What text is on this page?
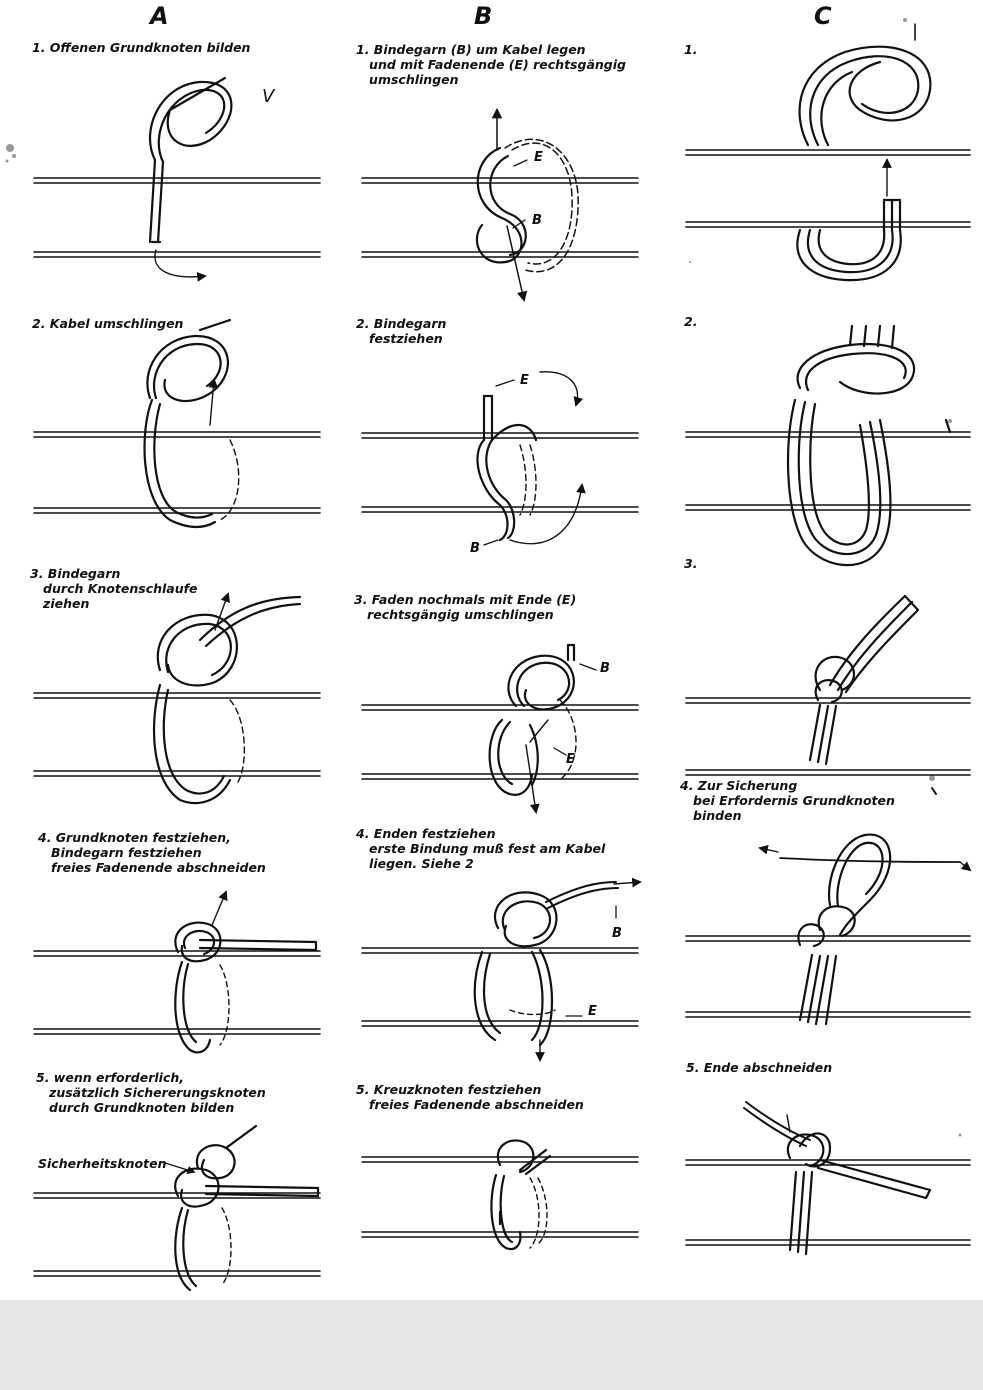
A	B	C
V
1. Offenen Grundknoten bilden
2. Kabel umschlingen
3. Bindegarn
durch Knotenschlaufe
ziehen
4. Grundknoten festziehen,
Bindegarn festziehen
freies Fadenende abschneiden
5. wenn erforderlich,
zusätzlich Sichererungsknoten
durch Grundknoten bilden
1. Bindegarn (B) um Kabel legen
und mit Fadenende (E) rechtsgängig
umschlingen
2. Bindegarn
festziehen
3. Faden nochmals mit Ende (E)
rechtsgängig umschlingen
4. Enden festziehen
erste Bindung muß fest am Kabel
liegen. Siehe 2
5. Kreuzknoten festziehen
freies Fadenende abschneiden
1.
2.
3.
4. Zur Sicherung
bei Erfordernis Grundknoten
binden
5. Ende abschneiden
Sicherheitsknoten
E
B
E
B
B
E
B
E
